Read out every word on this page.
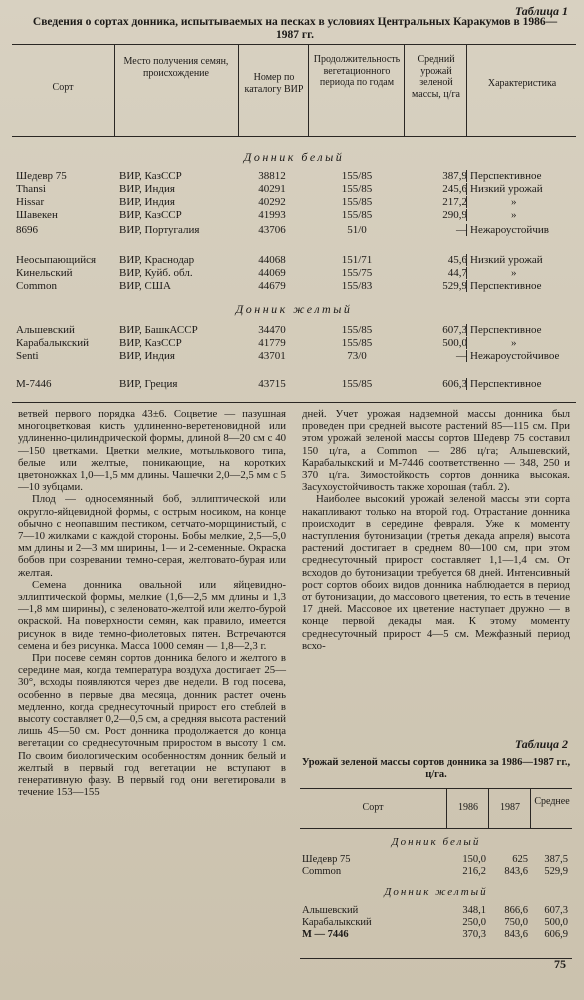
Таблица 1
Сведения о сортах донника, испытываемых на песках в условиях Центральных Каракумов в 1986—1987 гг.
Сорт
Место получения семян, происхождение	Номер по каталогу ВИР
Продолжительность вегетационного периода по годам
Средний урожай зеленой массы, ц/га
Характеристика
Донник белый
Шедевр 75	ВИР, КазССР	38812	155/85	387,9 Перспективное
Thansi	ВИР, Индия	40291	155/85	245,6 Низкий урожай
Hissar	ВИР, Индия	40292	155/85	217,2	»
Шавекен	ВИР, КазССР	41993	155/85	290,9	»
8696	ВИР, Португалия	43706	51/0	— Нежароустойчив
Неосыпающийся ВИР, Краснодар	44068	151/71	45,6 Низкий урожай
Кинельский	ВИР, Куйб. обл.	44069	155/75	44,7	»
Common	ВИР, США	44679	155/83	529,9 Перспективное
Донник желтый
Альшевский	ВИР, БашкАССР	34470	155/85	607,3 Перспективное
Карабалыкский	ВИР, КазССР	41779	155/85	500,0	»
Senti	ВИР, Индия	43701	73/0	— Нежароустойчивое
М-7446	ВИР, Греция	43715	155/85	606,3 Перспективное

ветвей первого порядка 43±6. Соцветие — пазушная многоцветковая кисть удлиненно-веретеновидной или удлиненно-цилиндрической формы, длиной 8—20 см с 40—150 цветками. Цветки мелкие, мотылькового типа, белые или желтые, поникающие, на коротких цветоножках 1,0—1,5 мм длины. Чашечки 2,0—2,5 мм с 5—10 зубцами.

Плод — односемянный боб, эллиптической или округло-яйцевидной формы, с острым носиком, на конце обычно с неопавшим пестиком, сетчато-морщинистый, с 7—10 жилками с каждой стороны. Бобы мелкие, 2,5—5,0 мм длины и 2—3 мм ширины, 1— и 2-семенные. Окраска бобов при созревании темно-серая, желтовато-бурая или желтая.

Семена донника овальной или яйцевидно-эллиптической формы, мелкие (1,6—2,5 мм длины и 1,3—1,8 мм ширины), с зеленовато-желтой или желто-бурой окраской. На поверхности семян, как правило, имеется рисунок в виде темно-фиолетовых пятен. Встречаются семена и без рисунка. Масса 1000 семян — 1,8—2,3 г.

При посеве семян сортов донника белого и желтого в середине мая, когда температура воздуха достигает 25—30°, всходы появляются через две недели. В год посева, особенно в первые два месяца, донник растет очень медленно, когда среднесуточный прирост его стеблей в высоту составляет 0,2—0,5 см, а средняя высота растений лишь 45—50 см. Рост донника продолжается до конца вегетации со среднесуточным приростом в высоту 1 см. По своим биологическим особенностям донник белый и желтый в первый год вегетации не вступают в генеративную фазу. В первый год они вегетировали в течение 153—155

дней. Учет урожая надземной массы донника был проведен при средней высоте растений 85—115 см. При этом урожай зеленой массы сортов Шедевр 75 составил 150 ц/га, а Common — 286 ц/га; Альшевский, Карабалыкский и М-7446 соответственно — 348, 250 и 370 ц/га. Зимостойкость сортов донника высокая. Засухоустойчивость также хорошая (табл. 2).

Наиболее высокий урожай зеленой массы эти сорта накапливают только на второй год. Отрастание донника происходит в середине февраля. Уже к моменту наступления бутонизации (третья декада апреля) высота растений достигает в среднем 80—100 см, при этом среднесуточный прирост составляет 1,1—1,4 см. От всходов до бутонизации требуется 68 дней. Интенсивный рост сортов обоих видов донника наблюдается в период от бутонизации, до массового цветения, то есть в течение 17 дней. Массовое их цветение наступает дружно — в конце первой декады мая. К этому моменту среднесуточный прирост 4—5 см. Межфазный период всхо-

Таблица 2
Урожай зеленой массы сортов донника за 1986—1987 гг., ц/га.
Сорт	1986	1987
Среднее
Донник белый
Шедевр 75	150,0	625	387,5
Common	216,2	843,6	529,9
Донник желтый
Альшевский	348,1	866,6	607,3
Карабалыкский	250,0	750,0	500,0
М — 7446	370,3	843,6	606,9
75
